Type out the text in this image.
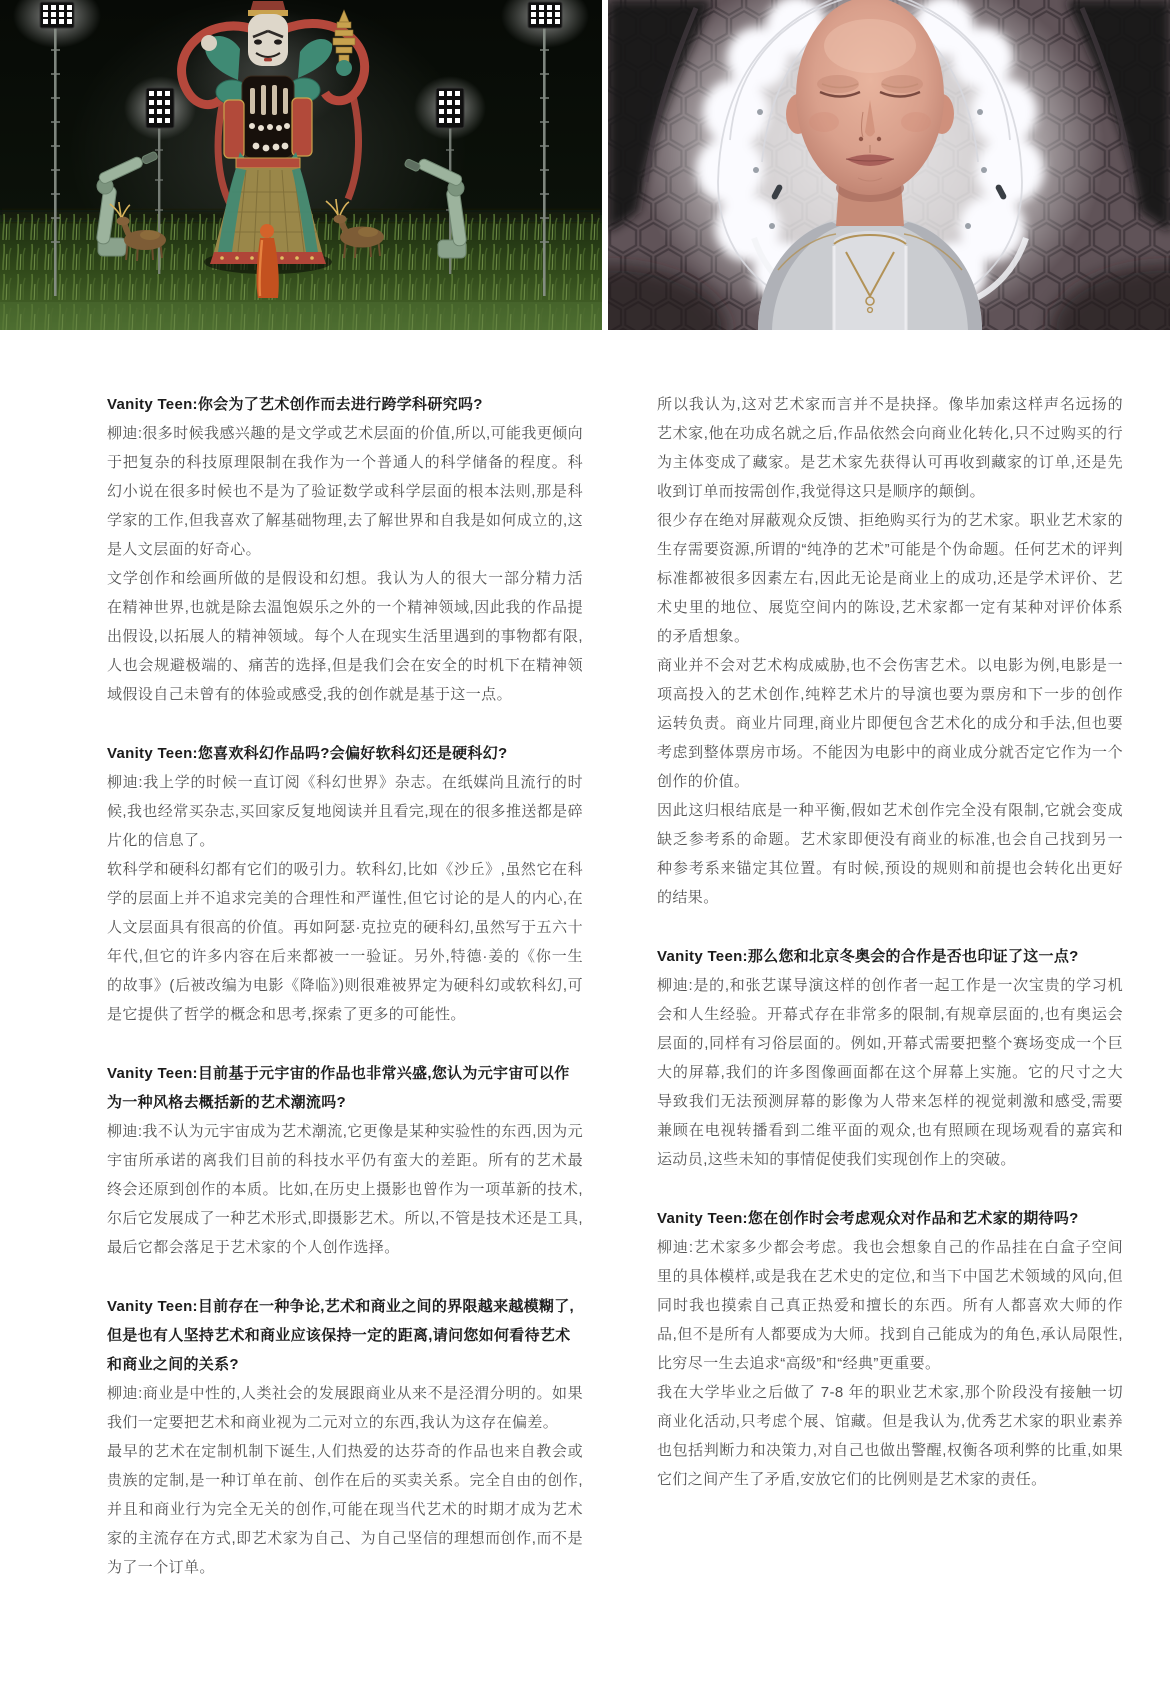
Vanity Teen:你会为了艺术创作而去进行跨学科研究吗?

柳迪:很多时候我感兴趣的是文学或艺术层面的价值,所以,可能我更倾向于把复杂的科技原理限制在我作为一个普通人的科学储备的程度。科幻小说在很多时候也不是为了验证数学或科学层面的根本法则,那是科学家的工作,但我喜欢了解基础物理,去了解世界和自我是如何成立的,这是人文层面的好奇心。

文学创作和绘画所做的是假设和幻想。我认为人的很大一部分精力活在精神世界,也就是除去温饱娱乐之外的一个精神领域,因此我的作品提出假设,以拓展人的精神领域。每个人在现实生活里遇到的事物都有限,人也会规避极端的、痛苦的选择,但是我们会在安全的时机下在精神领域假设自己未曾有的体验或感受,我的创作就是基于这一点。

Vanity Teen:您喜欢科幻作品吗?会偏好软科幻还是硬科幻?

柳迪:我上学的时候一直订阅《科幻世界》杂志。在纸媒尚且流行的时候,我也经常买杂志,买回家反复地阅读并且看完,现在的很多推送都是碎片化的信息了。

软科学和硬科幻都有它们的吸引力。软科幻,比如《沙丘》,虽然它在科学的层面上并不追求完美的合理性和严谨性,但它讨论的是人的内心,在人文层面具有很高的价值。再如阿瑟·克拉克的硬科幻,虽然写于五六十年代,但它的许多内容在后来都被一一验证。另外,特德·姜的《你一生的故事》(后被改编为电影《降临》)则很难被界定为硬科幻或软科幻,可是它提供了哲学的概念和思考,探索了更多的可能性。

Vanity Teen:目前基于元宇宙的作品也非常兴盛,您认为元宇宙可以作为一种风格去概括新的艺术潮流吗?

柳迪:我不认为元宇宙成为艺术潮流,它更像是某种实验性的东西,因为元宇宙所承诺的离我们目前的科技水平仍有蛮大的差距。所有的艺术最终会还原到创作的本质。比如,在历史上摄影也曾作为一项革新的技术,尔后它发展成了一种艺术形式,即摄影艺术。所以,不管是技术还是工具,最后它都会落足于艺术家的个人创作选择。

Vanity Teen:目前存在一种争论,艺术和商业之间的界限越来越模糊了,但是也有人坚持艺术和商业应该保持一定的距离,请问您如何看待艺术和商业之间的关系?

柳迪:商业是中性的,人类社会的发展跟商业从来不是泾渭分明的。如果我们一定要把艺术和商业视为二元对立的东西,我认为这存在偏差。

最早的艺术在定制机制下诞生,人们热爱的达芬奇的作品也来自教会或贵族的定制,是一种订单在前、创作在后的买卖关系。完全自由的创作,并且和商业行为完全无关的创作,可能在现当代艺术的时期才成为艺术家的主流存在方式,即艺术家为自己、为自己坚信的理想而创作,而不是为了一个订单。

所以我认为,这对艺术家而言并不是抉择。像毕加索这样声名远扬的艺术家,他在功成名就之后,作品依然会向商业化转化,只不过购买的行为主体变成了藏家。是艺术家先获得认可再收到藏家的订单,还是先收到订单而按需创作,我觉得这只是顺序的颠倒。

很少存在绝对屏蔽观众反馈、拒绝购买行为的艺术家。职业艺术家的生存需要资源,所谓的“纯净的艺术”可能是个伪命题。任何艺术的评判标准都被很多因素左右,因此无论是商业上的成功,还是学术评价、艺术史里的地位、展览空间内的陈设,艺术家都一定有某种对评价体系的矛盾想象。

商业并不会对艺术构成威胁,也不会伤害艺术。以电影为例,电影是一项高投入的艺术创作,纯粹艺术片的导演也要为票房和下一步的创作运转负责。商业片同理,商业片即便包含艺术化的成分和手法,但也要考虑到整体票房市场。不能因为电影中的商业成分就否定它作为一个创作的价值。

因此这归根结底是一种平衡,假如艺术创作完全没有限制,它就会变成缺乏参考系的命题。艺术家即便没有商业的标准,也会自己找到另一种参考系来锚定其位置。有时候,预设的规则和前提也会转化出更好的结果。

Vanity Teen:那么您和北京冬奥会的合作是否也印证了这一点?

柳迪:是的,和张艺谋导演这样的创作者一起工作是一次宝贵的学习机会和人生经验。开幕式存在非常多的限制,有规章层面的,也有奥运会层面的,同样有习俗层面的。例如,开幕式需要把整个赛场变成一个巨大的屏幕,我们的许多图像画面都在这个屏幕上实施。它的尺寸之大导致我们无法预测屏幕的影像为人带来怎样的视觉刺激和感受,需要兼顾在电视转播看到二维平面的观众,也有照顾在现场观看的嘉宾和运动员,这些未知的事情促使我们实现创作上的突破。

Vanity Teen:您在创作时会考虑观众对作品和艺术家的期待吗?

柳迪:艺术家多少都会考虑。我也会想象自己的作品挂在白盒子空间里的具体模样,或是我在艺术史的定位,和当下中国艺术领域的风向,但同时我也摸索自己真正热爱和擅长的东西。所有人都喜欢大师的作品,但不是所有人都要成为大师。找到自己能成为的角色,承认局限性,比穷尽一生去追求“高级”和“经典”更重要。

我在大学毕业之后做了 7-8 年的职业艺术家,那个阶段没有接触一切商业化活动,只考虑个展、馆藏。但是我认为,优秀艺术家的职业素养也包括判断力和决策力,对自己也做出警醒,权衡各项利弊的比重,如果它们之间产生了矛盾,安放它们的比例则是艺术家的责任。
